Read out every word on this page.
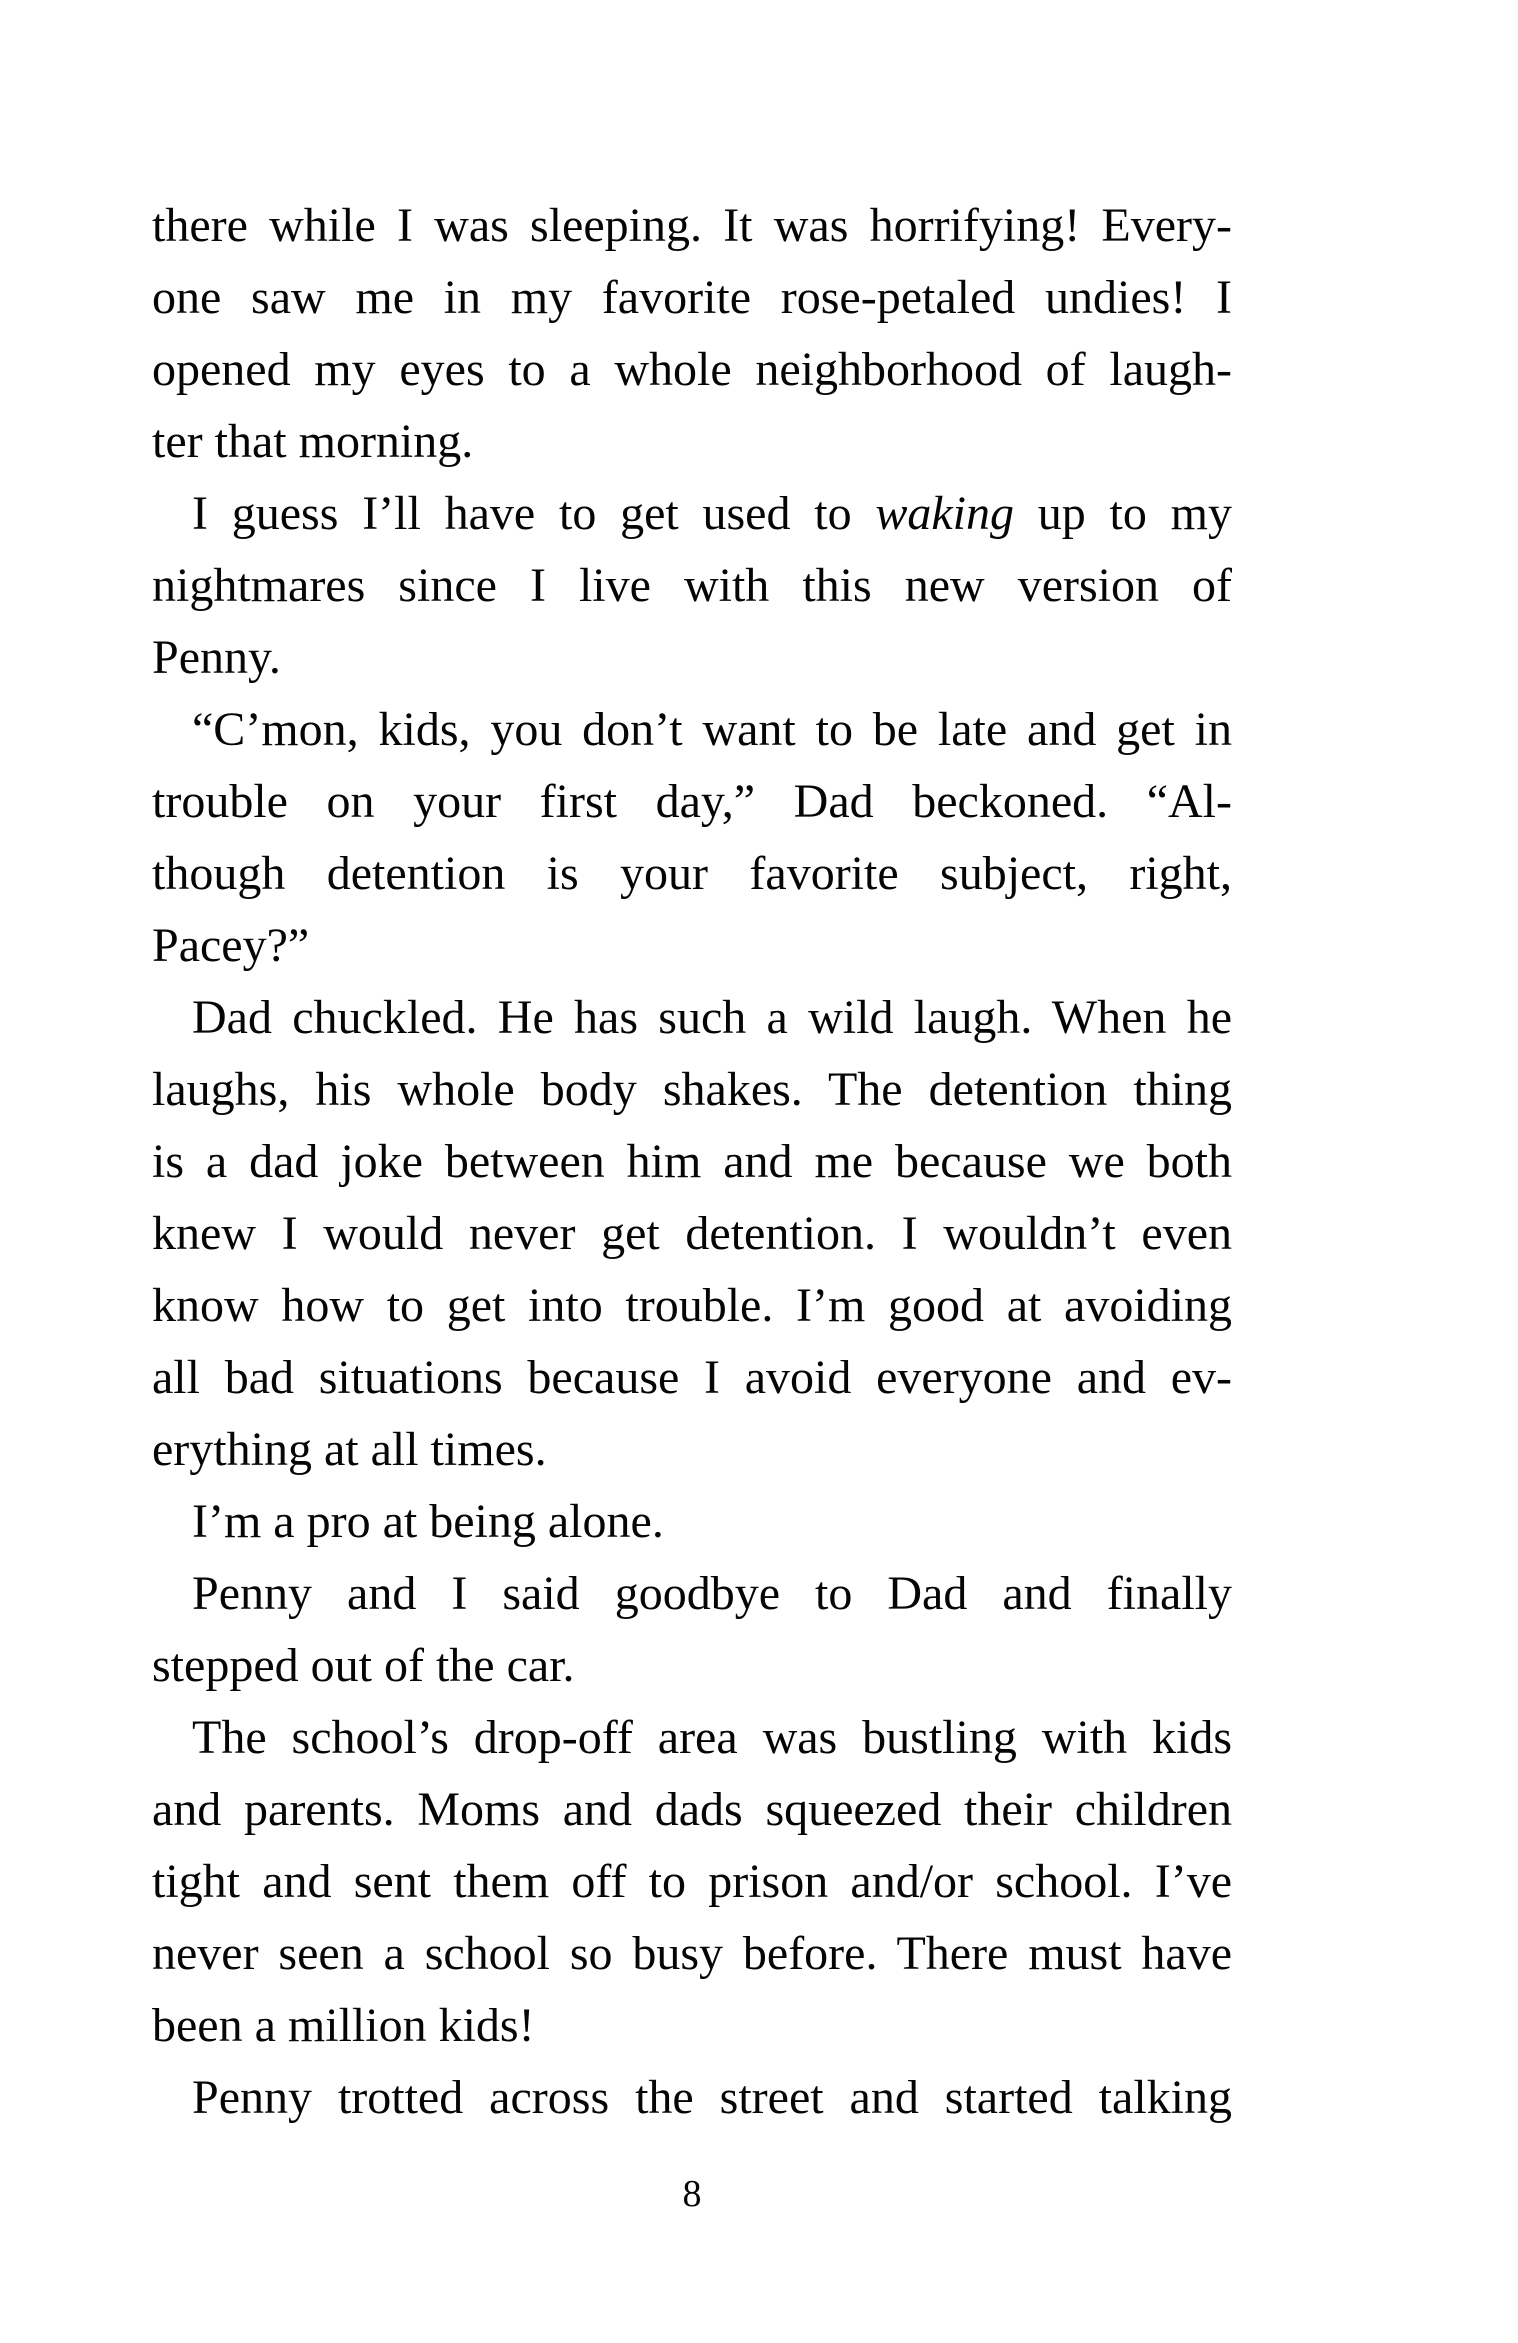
there while I was sleeping. It was horrifying! Every-
one saw me in my favorite rose-petaled undies! I
opened my eyes to a whole neighborhood of laugh-
ter that morning.
I guess I’ll have to get used to waking up to my
nightmares since I live with this new version of
Penny.
“C’mon, kids, you don’t want to be late and get in
trouble on your first day,” Dad beckoned. “Al-
though detention is your favorite subject, right,
Pacey?”
Dad chuckled. He has such a wild laugh. When he
laughs, his whole body shakes. The detention thing
is a dad joke between him and me because we both
knew I would never get detention. I wouldn’t even
know how to get into trouble. I’m good at avoiding
all bad situations because I avoid everyone and ev-
erything at all times.
I’m a pro at being alone.
Penny and I said goodbye to Dad and finally
stepped out of the car.
The school’s drop-off area was bustling with kids
and parents. Moms and dads squeezed their children
tight and sent them off to prison and/or school. I’ve
never seen a school so busy before. There must have
been a million kids!
Penny trotted across the street and started talking
8
